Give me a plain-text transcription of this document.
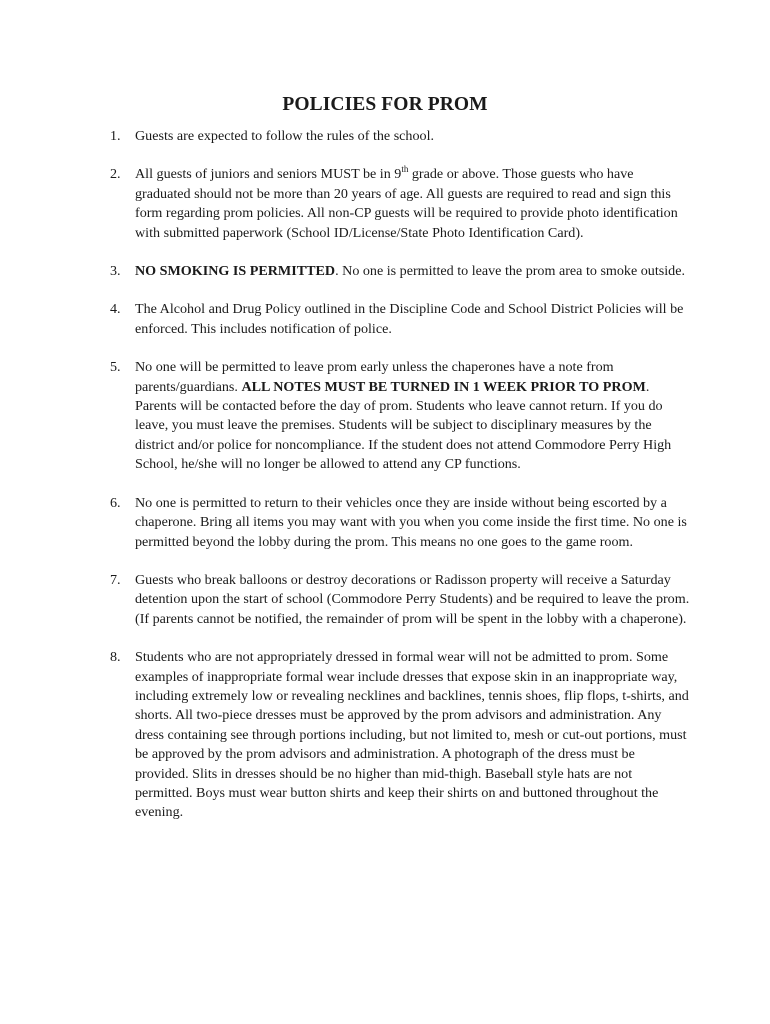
POLICIES FOR PROM
1. Guests are expected to follow the rules of the school.
2. All guests of juniors and seniors MUST be in 9th grade or above. Those guests who have graduated should not be more than 20 years of age. All guests are required to read and sign this form regarding prom policies. All non-CP guests will be required to provide photo identification with submitted paperwork (School ID/License/State Photo Identification Card).
3. NO SMOKING IS PERMITTED. No one is permitted to leave the prom area to smoke outside.
4. The Alcohol and Drug Policy outlined in the Discipline Code and School District Policies will be enforced. This includes notification of police.
5. No one will be permitted to leave prom early unless the chaperones have a note from parents/guardians. ALL NOTES MUST BE TURNED IN 1 WEEK PRIOR TO PROM. Parents will be contacted before the day of prom. Students who leave cannot return. If you do leave, you must leave the premises. Students will be subject to disciplinary measures by the district and/or police for noncompliance. If the student does not attend Commodore Perry High School, he/she will no longer be allowed to attend any CP functions.
6. No one is permitted to return to their vehicles once they are inside without being escorted by a chaperone. Bring all items you may want with you when you come inside the first time. No one is permitted beyond the lobby during the prom. This means no one goes to the game room.
7. Guests who break balloons or destroy decorations or Radisson property will receive a Saturday detention upon the start of school (Commodore Perry Students) and be required to leave the prom. (If parents cannot be notified, the remainder of prom will be spent in the lobby with a chaperone).
8. Students who are not appropriately dressed in formal wear will not be admitted to prom. Some examples of inappropriate formal wear include dresses that expose skin in an inappropriate way, including extremely low or revealing necklines and backlines, tennis shoes, flip flops, t-shirts, and shorts. All two-piece dresses must be approved by the prom advisors and administration. Any dress containing see through portions including, but not limited to, mesh or cut-out portions, must be approved by the prom advisors and administration. A photograph of the dress must be provided. Slits in dresses should be no higher than mid-thigh. Baseball style hats are not permitted. Boys must wear button shirts and keep their shirts on and buttoned throughout the evening.
